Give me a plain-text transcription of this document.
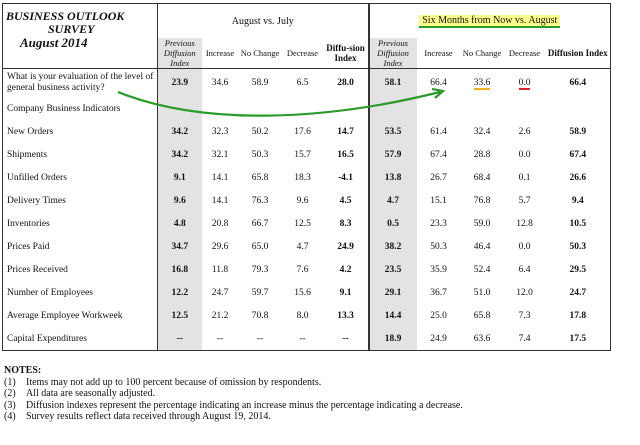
BUSINESS OUTLOOK
SURVEY
August 2014	August vs. July					Six Months from Now vs. August				
	Previous Diffusion Index	Increase	No Change	Decrease	Diffu-sion Index	Previous Diffusion Index	Increase	No Change	Decrease	Diffusion Index
What is your evaluation of the level of general business activity?	23.9	34.6	58.9	6.5	28.0	58.1	66.4	33.6	0.0	66.4
Company Business Indicators										
New Orders	34.2	32.3	50.2	17.6	14.7	53.5	61.4	32.4	2.6	58.9
Shipments	34.2	32.1	50.3	15.7	16.5	57.9	67.4	28.8	0.0	67.4
Unfilled Orders	9.1	14.1	65.8	18.3	-4.1	13.8	26.7	68.4	0.1	26.6
Delivery Times	9.6	14.1	76.3	9.6	4.5	4.7	15.1	76.8	5.7	9.4
Inventories	4.8	20.8	66.7	12.5	8.3	0.5	23.3	59.0	12.8	10.5
Prices Paid	34.7	29.6	65.0	4.7	24.9	38.2	50.3	46.4	0.0	50.3
Prices Received	16.8	11.8	79.3	7.6	4.2	23.5	35.9	52.4	6.4	29.5
Number of Employees	12.2	24.7	59.7	15.6	9.1	29.1	36.7	51.0	12.0	24.7
Average Employee Workweek	12.5	21.2	70.8	8.0	13.3	14.4	25.0	65.8	7.3	17.8
Capital Expenditures	--	--	--	--	--	18.9	24.9	63.6	7.4	17.5
NOTES:
(1)	Items may not add up to 100 percent because of omission by respondents.
(2)	All data are seasonally adjusted.
(3)	Diffusion indexes represent the percentage indicating an increase minus the percentage indicating a decrease.
(4)	Survey results reflect data received through August 19, 2014.
